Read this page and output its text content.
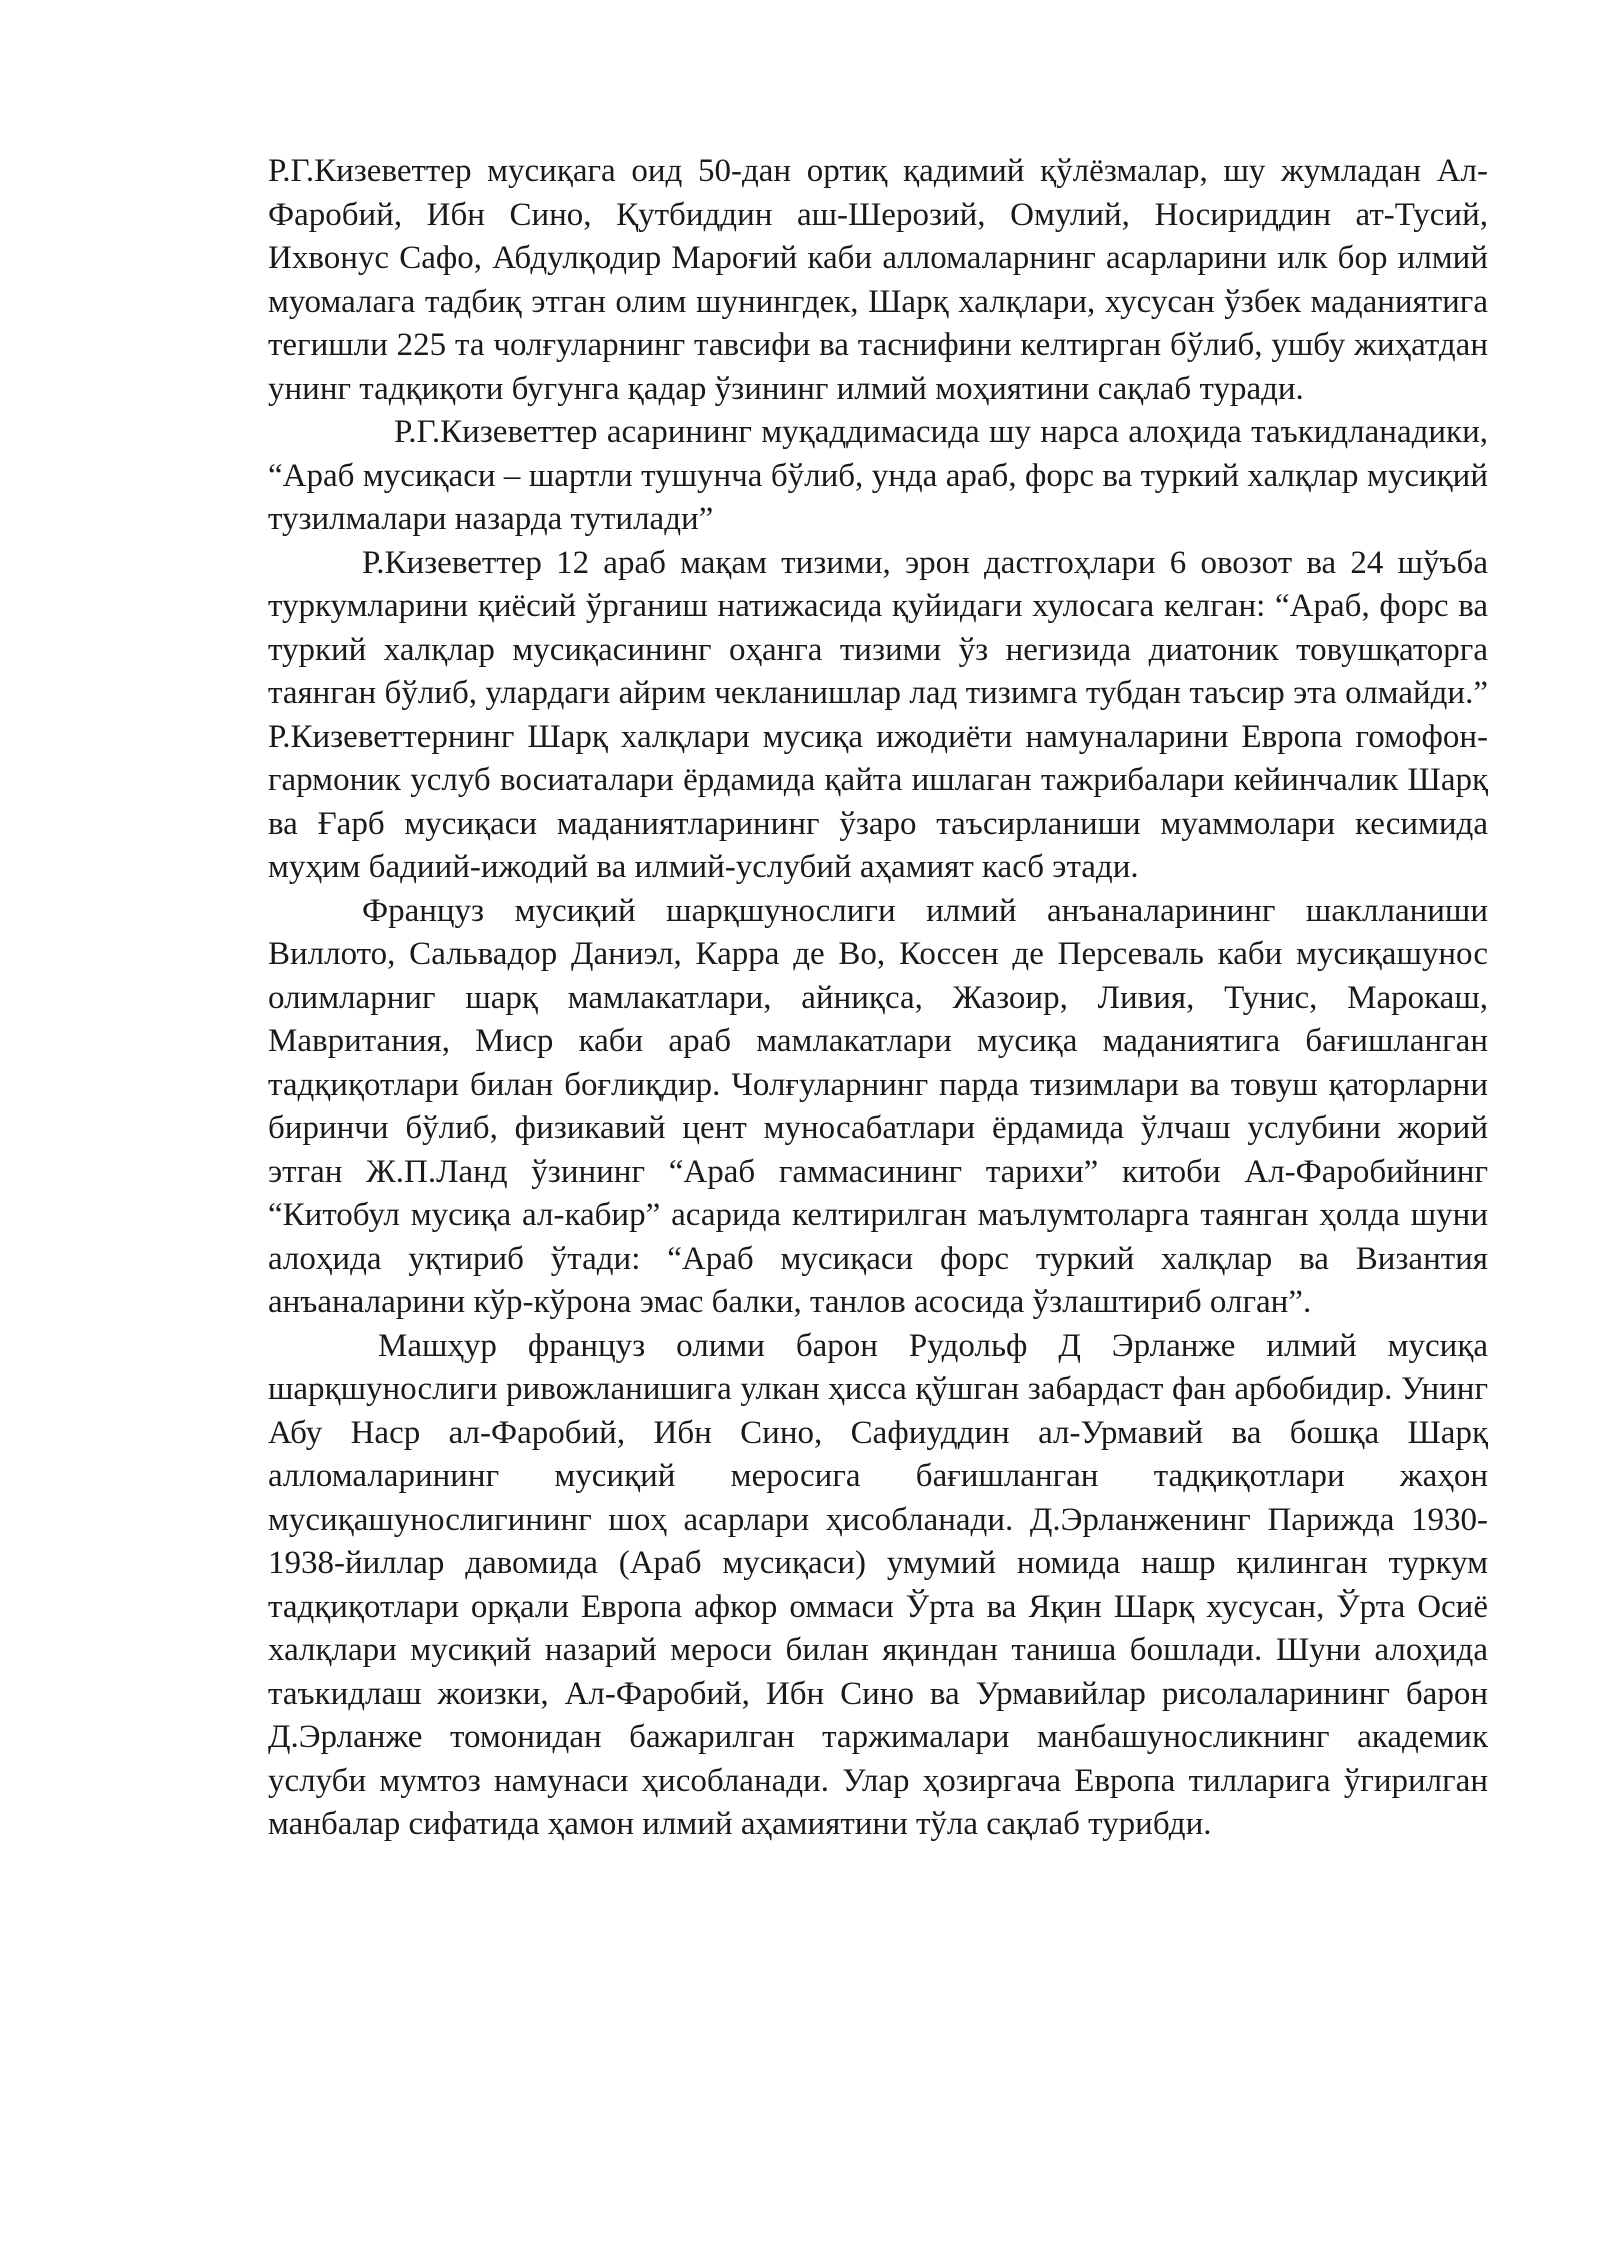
Р.Г.Кизеветтер мусиқага оид 50-дан ортиқ қадимий қўлёзмалар, шу жумладан Ал-Фаробий, Ибн Сино, Қутбиддин аш-Шерозий, Омулий, Носириддин ат-Тусий, Ихвонус Сафо, Абдулқодир Мароғий каби алломаларнинг асарларини илк бор илмий муомалага тадбиқ этган олим шунингдек, Шарқ халқлари, хусусан ўзбек маданиятига тегишли 225 та чолғуларнинг тавсифи ва таснифини келтирган бўлиб, ушбу жиҳатдан унинг тадқиқоти бугунга қадар ўзининг илмий моҳиятини сақлаб туради.

Р.Г.Кизеветтер асарининг муқаддимасида шу нарса алоҳида таъкидланадики, “Араб мусиқаси – шартли тушунча бўлиб, унда араб, форс ва туркий халқлар мусиқий тузилмалари назарда тутилади”

Р.Кизеветтер 12 араб мақам тизими, эрон дастгоҳлари 6 овозот ва 24 шўъба туркумларини қиёсий ўрганиш натижасида қуйидаги хулосага келган: “Араб, форс ва туркий халқлар мусиқасининг оҳанга тизими ўз негизида диатоник товушқаторга таянган бўлиб, улардаги айрим чекланишлар лад тизимга тубдан таъсир эта олмайди.” Р.Кизеветтернинг Шарқ халқлари мусиқа ижодиёти намуналарини Европа гомофон-гармоник услуб восиаталари ёрдамида қайта ишлаган тажрибалари кейинчалик Шарқ ва Ғарб мусиқаси маданиятларининг ўзаро таъсирланиши муаммолари кесимида муҳим бадиий-ижодий ва илмий-услубий аҳамият касб этади.

Француз мусиқий шарқшунослиги илмий анъаналарининг шаклланиши Виллото, Сальвадор Даниэл, Карра де Во, Коссен де Персеваль каби мусиқашунос олимларниг шарқ мамлакатлари, айниқса, Жазоир, Ливия, Тунис, Марокаш, Мавритания, Миср каби араб мамлакатлари мусиқа маданиятига бағишланган тадқиқотлари билан боғлиқдир. Чолғуларнинг парда тизимлари ва товуш қаторларни биринчи бўлиб, физикавий цент муносабатлари ёрдамида ўлчаш услубини жорий этган Ж.П.Ланд ўзининг “Араб гаммасининг тарихи” китоби Ал-Фаробийнинг “Китобул мусиқа ал-кабир” асарида келтирилган маълумтоларга таянган ҳолда шуни алоҳида уқтириб ўтади: “Араб мусиқаси форс туркий халқлар ва Византия анъаналарини кўр-кўрона эмас балки, танлов асосида ўзлаштириб олган”.

Машҳур француз олими барон Рудольф Д Эрланже илмий мусиқа шарқшунослиги ривожланишига улкан ҳисса қўшган забардаст фан арбобидир. Унинг Абу Наср ал-Фаробий, Ибн Сино, Сафиуддин ал-Урмавий ва бошқа Шарқ алломаларининг мусиқий меросига бағишланган тадқиқотлари жаҳон мусиқашунослигининг шоҳ асарлари ҳисобланади. Д.Эрланженинг Парижда 1930-1938-йиллар давомида (Араб мусиқаси) умумий номида нашр қилинган туркум тадқиқотлари орқали Европа афкор оммаси Ўрта ва Яқин Шарқ хусусан, Ўрта Осиё халқлари мусиқий назарий мероси билан яқиндан таниша бошлади. Шуни алоҳида таъкидлаш жоизки, Ал-Фаробий, Ибн Сино ва Урмавийлар рисолаларининг барон Д.Эрланже томонидан бажарилган таржималари манбашуносликнинг академик услуби мумтоз намунаси ҳисобланади. Улар ҳозиргача Европа тилларига ўгирилган манбалар сифатида ҳамон илмий аҳамиятини тўла сақлаб турибди.
